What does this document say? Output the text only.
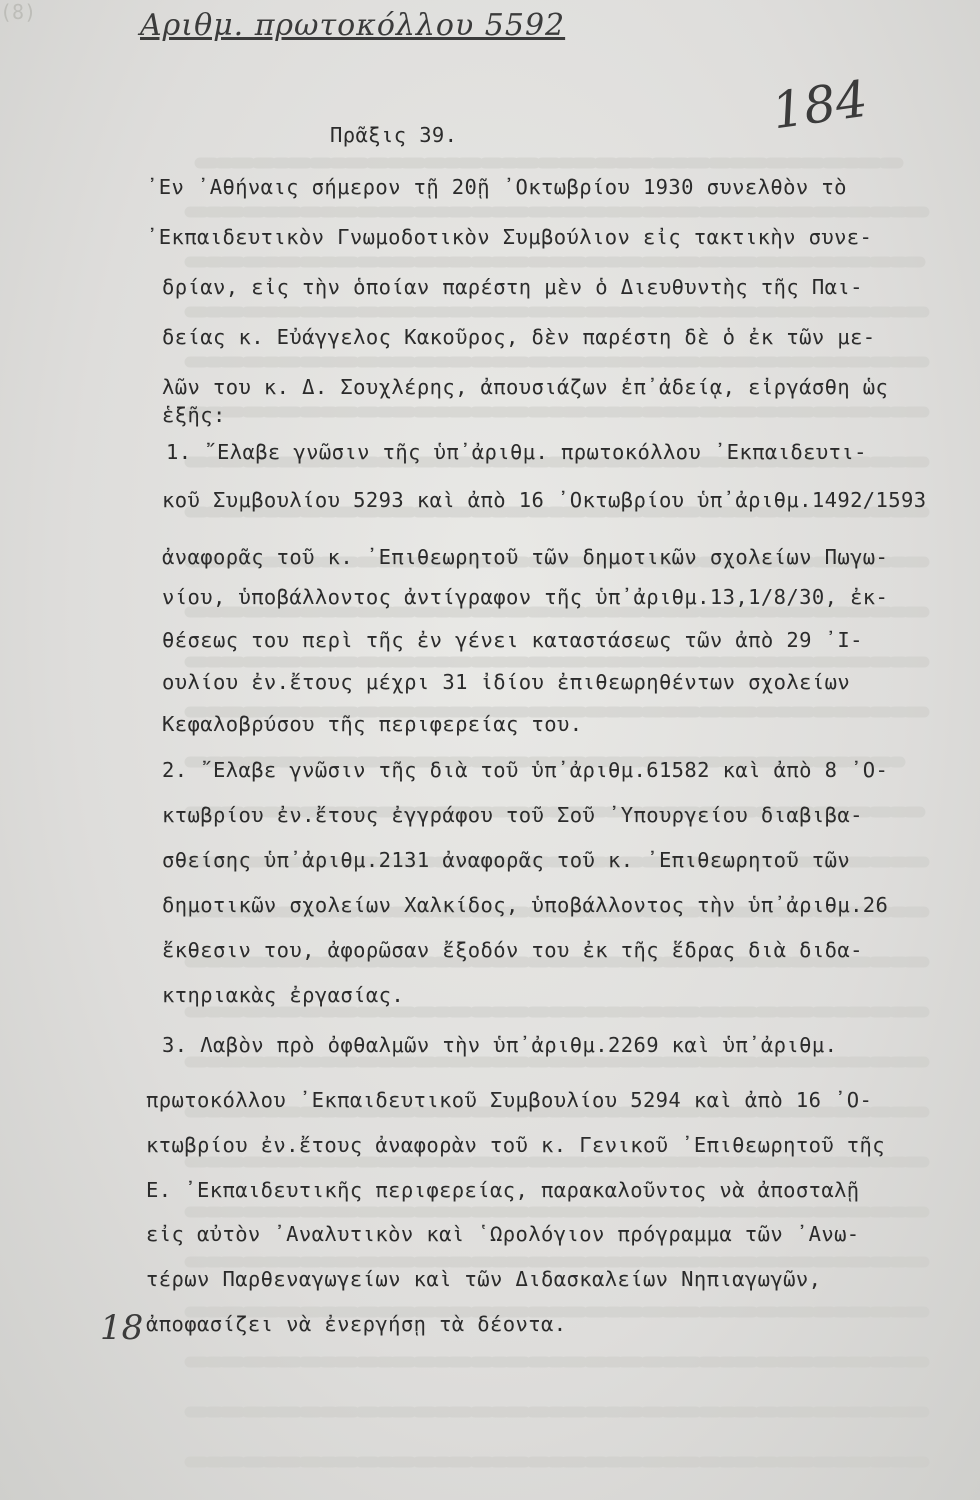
Αριθμ. πρωτοκόλλου 5592
184
(8)
Πρᾶξις 39.
᾿Εν ᾿Αθήναις σήμερον τῇ 20ῇ ᾿Οκτωβρίου 1930 συνελθὸν τὸ
᾿Εκπαιδευτικὸν Γνωμοδοτικὸν Συμβούλιον εἰς τακτικὴν συνε-
δρίαν, εἰς τὴν ὁποίαν παρέστη μὲν ὁ Διευθυντὴς τῆς Παι-
δείας κ. Εὐάγγελος Κακοῦρος, δὲν παρέστη δὲ ὁ ἐκ τῶν με-
λῶν του κ. Δ. Σουχλέρης, ἀπουσιάζων ἐπ᾿ἀδείᾳ, εἰργάσθη ὡς
ἑξῆς:
1. ῎Ελαβε γνῶσιν τῆς ὑπ᾿ἀριθμ. πρωτοκόλλου ᾿Εκπαιδευτι-
κοῦ Συμβουλίου 5293 καὶ ἀπὸ 16 ᾿Οκτωβρίου ὑπ᾿ἀριθμ.1492/1593
ἀναφορᾶς τοῦ κ. ᾿Επιθεωρητοῦ τῶν δημοτικῶν σχολείων Πωγω-
νίου, ὑποβάλλοντος ἀντίγραφον τῆς ὑπ᾿ἀριθμ.13,1/8/30, ἐκ-
θέσεως του περὶ τῆς ἐν γένει καταστάσεως τῶν ἀπὸ 29 ᾿Ι-
ουλίου ἐν.ἔτους μέχρι 31 ἰδίου ἐπιθεωρηθέντων σχολείων
Κεφαλοβρύσου τῆς περιφερείας του.
2. ῎Ελαβε γνῶσιν τῆς διὰ τοῦ ὑπ᾿ἀριθμ.61582 καὶ ἀπὸ 8 ᾿Ο-
κτωβρίου ἐν.ἔτους ἐγγράφου τοῦ Σοῦ ᾿Υπουργείου διαβιβα-
σθείσης ὑπ᾿ἀριθμ.2131 ἀναφορᾶς τοῦ κ. ᾿Επιθεωρητοῦ τῶν
δημοτικῶν σχολείων Χαλκίδος, ὑποβάλλοντος τὴν ὑπ᾿ἀριθμ.26
ἔκθεσιν του, ἀφορῶσαν ἔξοδόν του ἐκ τῆς ἕδρας διὰ διδα-
κτηριακὰς ἐργασίας.
3. Λαβὸν πρὸ ὀφθαλμῶν τὴν ὑπ᾿ἀριθμ.2269 καὶ ὑπ᾿ἀριθμ.
πρωτοκόλλου ᾿Εκπαιδευτικοῦ Συμβουλίου 5294 καὶ ἀπὸ 16 ᾿Ο-
κτωβρίου ἐν.ἔτους ἀναφορὰν τοῦ κ. Γενικοῦ ᾿Επιθεωρητοῦ τῆς
Ε. ᾿Εκπαιδευτικῆς περιφερείας, παρακαλοῦντος νὰ ἀποσταλῇ
εἰς αὐτὸν ᾿Αναλυτικὸν καὶ ῾Ωρολόγιον πρόγραμμα τῶν ᾿Ανω-
τέρων Παρθεναγωγείων καὶ τῶν Διδασκαλείων Νηπιαγωγῶν,
ἀποφασίζει νὰ ἐνεργήσῃ τὰ δέοντα.
18
